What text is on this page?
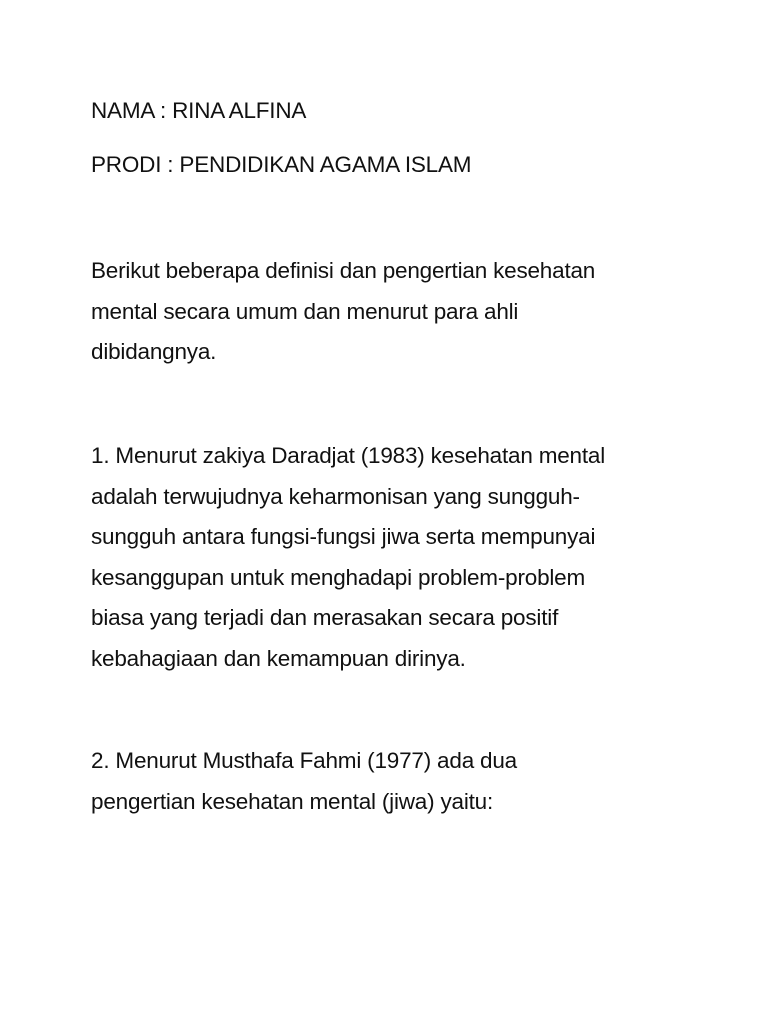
NAMA : RINA ALFINA

PRODI : PENDIDIKAN AGAMA ISLAM

Berikut beberapa definisi dan pengertian kesehatan
mental secara umum dan menurut para ahli
dibidangnya.
1. Menurut zakiya Daradjat (1983) kesehatan mental
adalah terwujudnya keharmonisan yang sungguh-
sungguh antara fungsi-fungsi jiwa serta mempunyai
kesanggupan untuk menghadapi problem-problem
biasa yang terjadi dan merasakan secara positif
kebahagiaan dan kemampuan dirinya.
2. Menurut Musthafa Fahmi (1977) ada dua
pengertian kesehatan mental (jiwa) yaitu:
